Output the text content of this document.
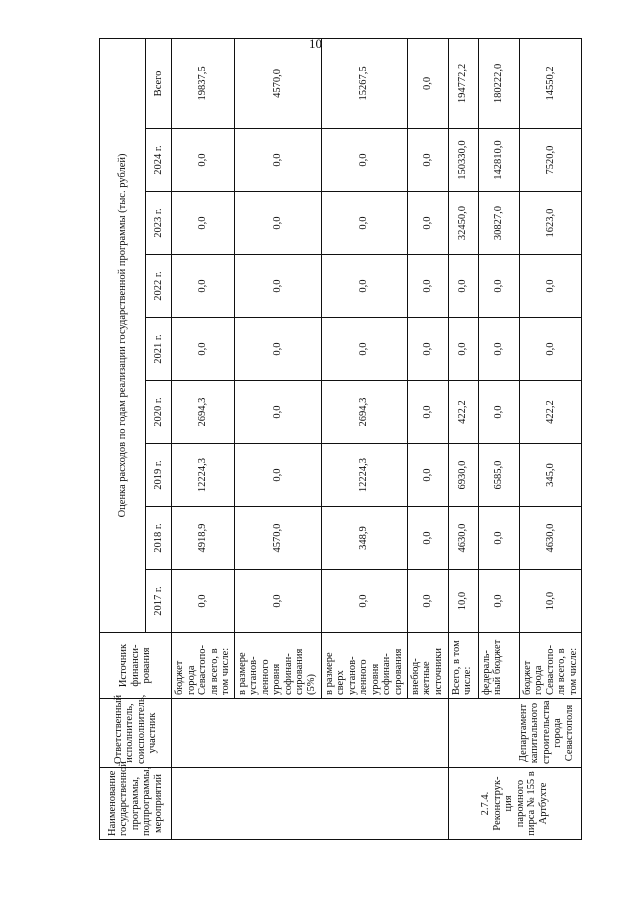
10
Наименование государственной программы, подпрограммы, мероприятий	Ответственный исполнитель, соисполнитель, участник	Источник финанси-рования	Оценка расходов по годам реализации государственной программы (тыс. рублей)								
			2017 г.	2018 г.	2019 г.	2020 г.	2021 г.	2022 г.	2023 г.	2024 г.	Всего
		бюджет города Севастопо-ля всего, в том числе:	0,0	4918,9	12224,3	2694,3	0,0	0,0	0,0	0,0	19837,5
		в размере установ-ленного уровня софинан-сирования (5%)	0,0	4570,0	0,0	0,0	0,0	0,0	0,0	0,0	4570,0
		в размере сверх установ-ленного уровня софинан-сирования	0,0	348,9	12224,3	2694,3	0,0	0,0	0,0	0,0	15267,5
		внебюд-жетные источники	0,0	0,0	0,0	0,0	0,0	0,0	0,0	0,0	0,0
2.7.4. Реконструк-ция паромного пирса № 155 в Артбухте	Департамент капитального строительства города Севастополя	Всего, в том числе:	10,0	4630,0	6930,0	422,2	0,0	0,0	32450,0	150330,0	194772,2
		федераль-ный бюджет	0,0	0,0	6585,0	0,0	0,0	0,0	30827,0	142810,0	180222,0
		бюджет города Севастопо-ля всего, в том числе:	10,0	4630,0	345,0	422,2	0,0	0,0	1623,0	7520,0	14550,2
